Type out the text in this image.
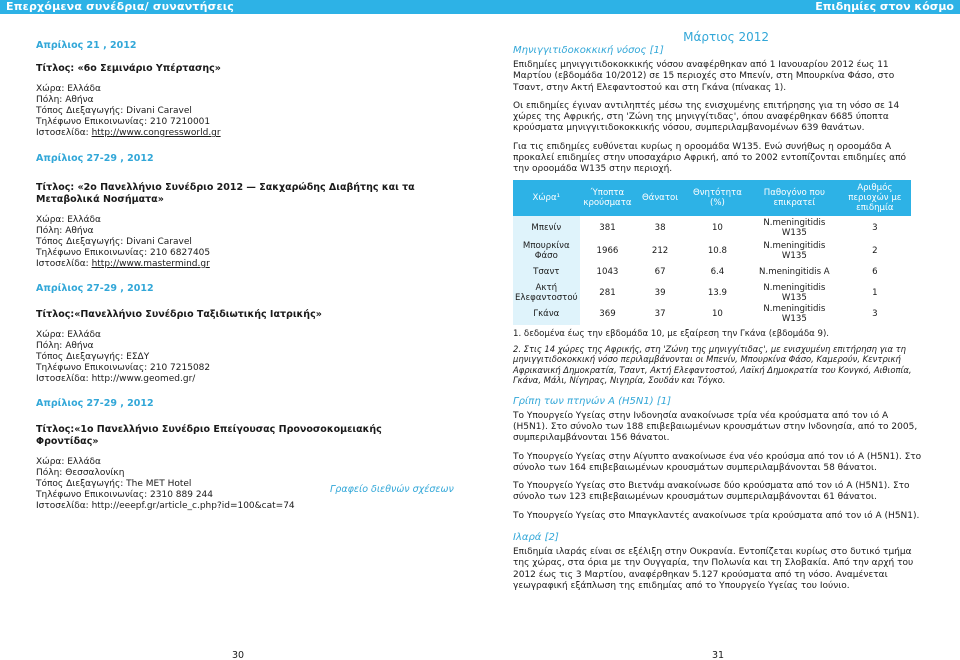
Επερχόμενα συνέδρια/ συναντήσεις	Επιδημίες στον κόσμο
Απρίλιος 21 , 2012
Τίτλος: «6ο Σεμινάριο Υπέρτασης»
Χώρα: Ελλάδα
Πόλη: Αθήνα
Τόπος Διεξαγωγής: Divani Caravel
Τηλέφωνο Επικοινωνίας: 210 7210001
Ιστοσελίδα: http://www.congressworld.gr
Απρίλιος 27-29 , 2012
Τίτλος: «2ο Πανελλήνιο Συνέδριο 2012 — Σακχαρώδης Διαβήτης και τα Μεταβολικά Νοσήματα»
Χώρα: Ελλάδα
Πόλη: Αθήνα
Τόπος Διεξαγωγής: Divani Caravel
Τηλέφωνο Επικοινωνίας: 210 6827405
Ιστοσελίδα: http://www.mastermind.gr
Απρίλιος 27-29 , 2012
Τίτλος:«Πανελλήνιο Συνέδριο Ταξιδιωτικής Ιατρικής»
Χώρα: Ελλάδα
Πόλη: Αθήνα
Τόπος Διεξαγωγής: ΕΣΔΥ
Τηλέφωνο Επικοινωνίας: 210 7215082
Ιστοσελίδα: http://www.geomed.gr/
Απρίλιος 27-29 , 2012
Τίτλος:«1ο Πανελλήνιο Συνέδριο Επείγουσας Προνοσοκομειακής Φροντίδας»
Χώρα: Ελλάδα
Πόλη: Θεσσαλονίκη
Τόπος Διεξαγωγής: The MET Hotel
Τηλέφωνο Επικοινωνίας: 2310 889 244
Ιστοσελίδα: http://eeepf.gr/article_c.php?id=100&cat=74
Γραφείο διεθνών σχέσεων
Μάρτιος 2012
Μηνιγγιτιδοκοκκική νόσος [1]

Επιδημίες μηνιγγιτιδοκοκκικής νόσου αναφέρθηκαν από 1 Ιανουαρίου 2012 έως 11 Μαρτίου (εβδομάδα 10/2012) σε 15 περιοχές στο Μπενίν, στη Μπουρκίνα Φάσο, στο Τσαντ, στην Ακτή Ελεφαντοστού και στη Γκάνα (πίνακας 1).

Οι επιδημίες έγιναν αντιληπτές μέσω της ενισχυμένης επιτήρησης για τη νόσο σε 14 χώρες της Αφρικής, στη 'Ζώνη της μηνιγγίτιδας', όπου αναφέρθηκαν 6685 ύποπτα κρούσματα μηνιγγιτιδοκοκκικής νόσου, συμπεριλαμβανομένων 639 θανάτων.

Για τις επιδημίες ευθύνεται κυρίως η οροομάδα W135. Ενώ συνήθως η οροομάδα Α προκαλεί επιδημίες στην υποσαχάριο Αφρική, από το 2002 εντοπίζονται επιδημίες από την οροομάδα W135 στην περιοχή.

Χώρα¹	Ύποπτα κρούσματα	Θάνατοι	Θνητότητα (%)	Παθογόνο που επικρατεί	Αριθμός περιοχών με επιδημία
Μπενίν	381	38	10	N.meningitidis W135	3
Μπουρκίνα Φάσο	1966	212	10.8	N.meningitidis W135	2
Τσαντ	1043	67	6.4	N.meningitidis A	6
Ακτή Ελεφαντοστού	281	39	13.9	N.meningitidis W135	1
Γκάνα	369	37	10	N.meningitidis W135	3
1. δεδομένα έως την εβδομάδα 10, με εξαίρεση την Γκάνα (εβδομάδα 9).
2. Στις 14 χώρες της Αφρικής, στη 'Ζώνη της μηνιγγίτιδας', με ενισχυμένη επιτήρηση για τη μηνιγγιτιδοκοκκική νόσο περιλαμβάνονται οι Μπενίν, Μπουρκίνα Φάσο, Καμερούν, Κεντρική Αφρικανική Δημοκρατία, Τσαντ, Ακτή Ελεφαντοστού, Λαϊκή Δημοκρατία του Κονγκό, Αιθιοπία, Γκάνα, Μάλι, Νίγηρας, Νιγηρία, Σουδάν και Τόγκο.
Γρίπη των πτηνών Α (H5N1) [1]

Το Υπουργείο Υγείας στην Ινδονησία ανακοίνωσε τρία νέα κρούσματα από τον ιό Α (H5N1). Στο σύνολο των 188 επιβεβαιωμένων κρουσμάτων στην Ινδονησία, από το 2005, συμπεριλαμβάνονται 156 θάνατοι.

Το Υπουργείο Υγείας στην Αίγυπτο ανακοίνωσε ένα νέο κρούσμα από τον ιό Α (H5N1). Στο σύνολο των 164 επιβεβαιωμένων κρουσμάτων συμπεριλαμβάνονται 58 θάνατοι.

Το Υπουργείο Υγείας στο Βιετνάμ ανακοίνωσε δύο κρούσματα από τον ιό Α (H5N1). Στο σύνολο των 123 επιβεβαιωμένων κρουσμάτων συμπεριλαμβάνονται 61 θάνατοι.

Το Υπουργείο Υγείας στο Μπαγκλαντές ανακοίνωσε τρία κρούσματα από τον ιό Α (H5N1).

Ιλαρά [2]

Επιδημία ιλαράς είναι σε εξέλιξη στην Ουκρανία. Εντοπίζεται κυρίως στο δυτικό τμήμα της χώρας, στα όρια με την Ουγγαρία, την Πολωνία και τη Σλοβακία. Από την αρχή του 2012 έως τις 3 Μαρτίου, αναφέρθηκαν 5.127 κρούσματα από τη νόσο. Αναμένεται γεωγραφική εξάπλωση της επιδημίας από το Υπουργείο Υγείας του Ιούνιο.

30	31
